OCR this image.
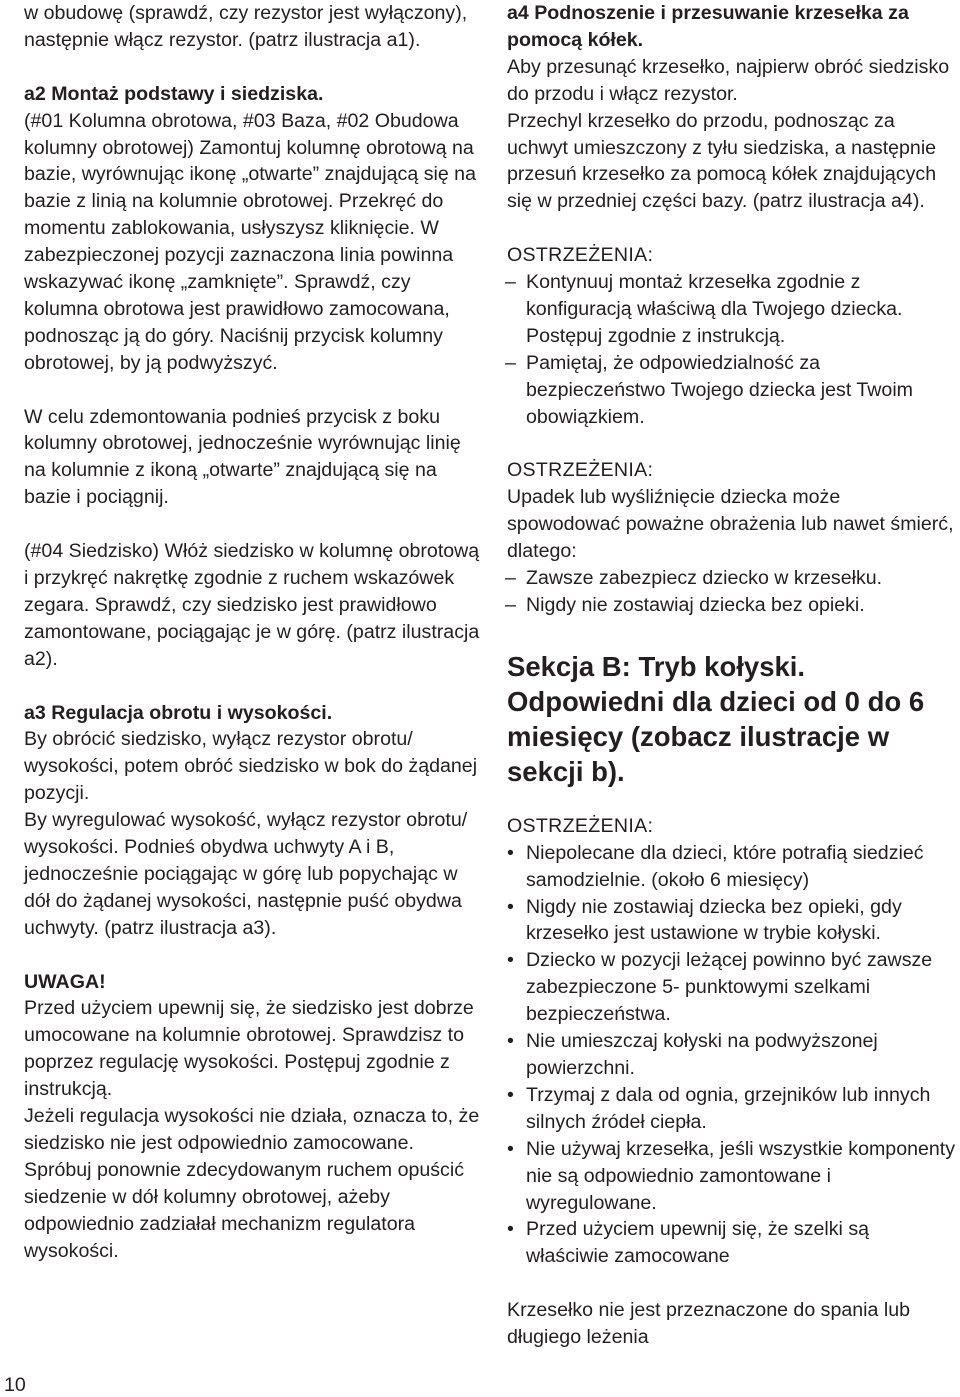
w obudowę (sprawdź, czy rezystor jest wyłączony), następnie włącz rezystor. (patrz ilustracja a1).

a2 Montaż podstawy i siedziska.

(#01 Kolumna obrotowa, #03 Baza, #02 Obudowa kolumny obrotowej) Zamontuj kolumnę obrotową na bazie, wyrównując ikonę „otwarte” znajdującą się na bazie z linią na kolumnie obrotowej. Przekręć do momentu zablokowania, usłyszysz kliknięcie. W zabezpieczonej pozycji zaznaczona linia powinna wskazywać ikonę „zamknięte”. Sprawdź, czy kolumna obrotowa jest prawidłowo zamocowana, podnosząc ją do góry. Naciśnij przycisk kolumny obrotowej, by ją podwyższyć.

W celu zdemontowania podnieś przycisk z boku kolumny obrotowej, jednocześnie wyrównując linię na kolumnie z ikoną „otwarte” znajdującą się na bazie i pociągnij.

(#04 Siedzisko) Włóż siedzisko w kolumnę obrotową i przykręć nakrętkę zgodnie z ruchem wskazówek zegara. Sprawdź, czy siedzisko jest prawidłowo zamontowane, pociągając je w górę. (patrz ilustracja a2).

a3 Regulacja obrotu i wysokości.

By obrócić siedzisko, wyłącz rezystor obrotu/ wysokości, potem obróć siedzisko w bok do żądanej pozycji.

By wyregulować wysokość, wyłącz rezystor obrotu/ wysokości. Podnieś obydwa uchwyty A i B, jednocześnie pociągając w górę lub popychając w dół do żądanej wysokości, następnie puść obydwa uchwyty. (patrz ilustracja a3).

UWAGA!

Przed użyciem upewnij się, że siedzisko jest dobrze umocowane na kolumnie obrotowej. Sprawdzisz to poprzez regulację wysokości. Postępuj zgodnie z instrukcją.

Jeżeli regulacja wysokości nie działa, oznacza to, że siedzisko nie jest odpowiednio zamocowane. Spróbuj ponownie zdecydowanym ruchem opuścić siedzenie w dół kolumny obrotowej, ażeby odpowiednio zadziałał mechanizm regulatora wysokości.

a4 Podnoszenie i przesuwanie krzesełka za pomocą kółek.

Aby przesunąć krzesełko, najpierw obróć siedzisko do przodu i włącz rezystor.

Przechyl krzesełko do przodu, podnosząc za uchwyt umieszczony z tyłu siedziska, a następnie przesuń krzesełko za pomocą kółek znajdujących się w przedniej części bazy. (patrz ilustracja a4).

OSTRZEŻENIA:

– Kontynuuj montaż krzesełka zgodnie z konfiguracją właściwą dla Twojego dziecka. Postępuj zgodnie z instrukcją.
– Pamiętaj, że odpowiedzialność za bezpieczeństwo Twojego dziecka jest Twoim obowiązkiem.

OSTRZEŻENIA:

Upadek lub wyśliźnięcie dziecka może spowodować poważne obrażenia lub nawet śmierć, dlatego:

– Zawsze zabezpiecz dziecko w krzesełku.
– Nigdy nie zostawiaj dziecka bez opieki.

Sekcja B: Tryb kołyski. Odpowiedni dla dzieci od 0 do 6 miesięcy (zobacz ilustracje w sekcji b).

OSTRZEŻENIA:

• Niepolecane dla dzieci, które potrafią siedzieć samodzielnie. (około 6 miesięcy)
• Nigdy nie zostawiaj dziecka bez opieki, gdy krzesełko jest ustawione w trybie kołyski.
• Dziecko w pozycji leżącej powinno być zawsze zabezpieczone 5- punktowymi szelkami bezpieczeństwa.
• Nie umieszczaj kołyski na podwyższonej powierzchni.
• Trzymaj z dala od ognia, grzejników lub innych silnych źródeł ciepła.
• Nie używaj krzesełka, jeśli wszystkie komponenty nie są odpowiednio zamontowane i wyregulowane.
• Przed użyciem upewnij się, że szelki są właściwie zamocowane

Krzesełko nie jest przeznaczone do spania lub długiego leżenia

10
